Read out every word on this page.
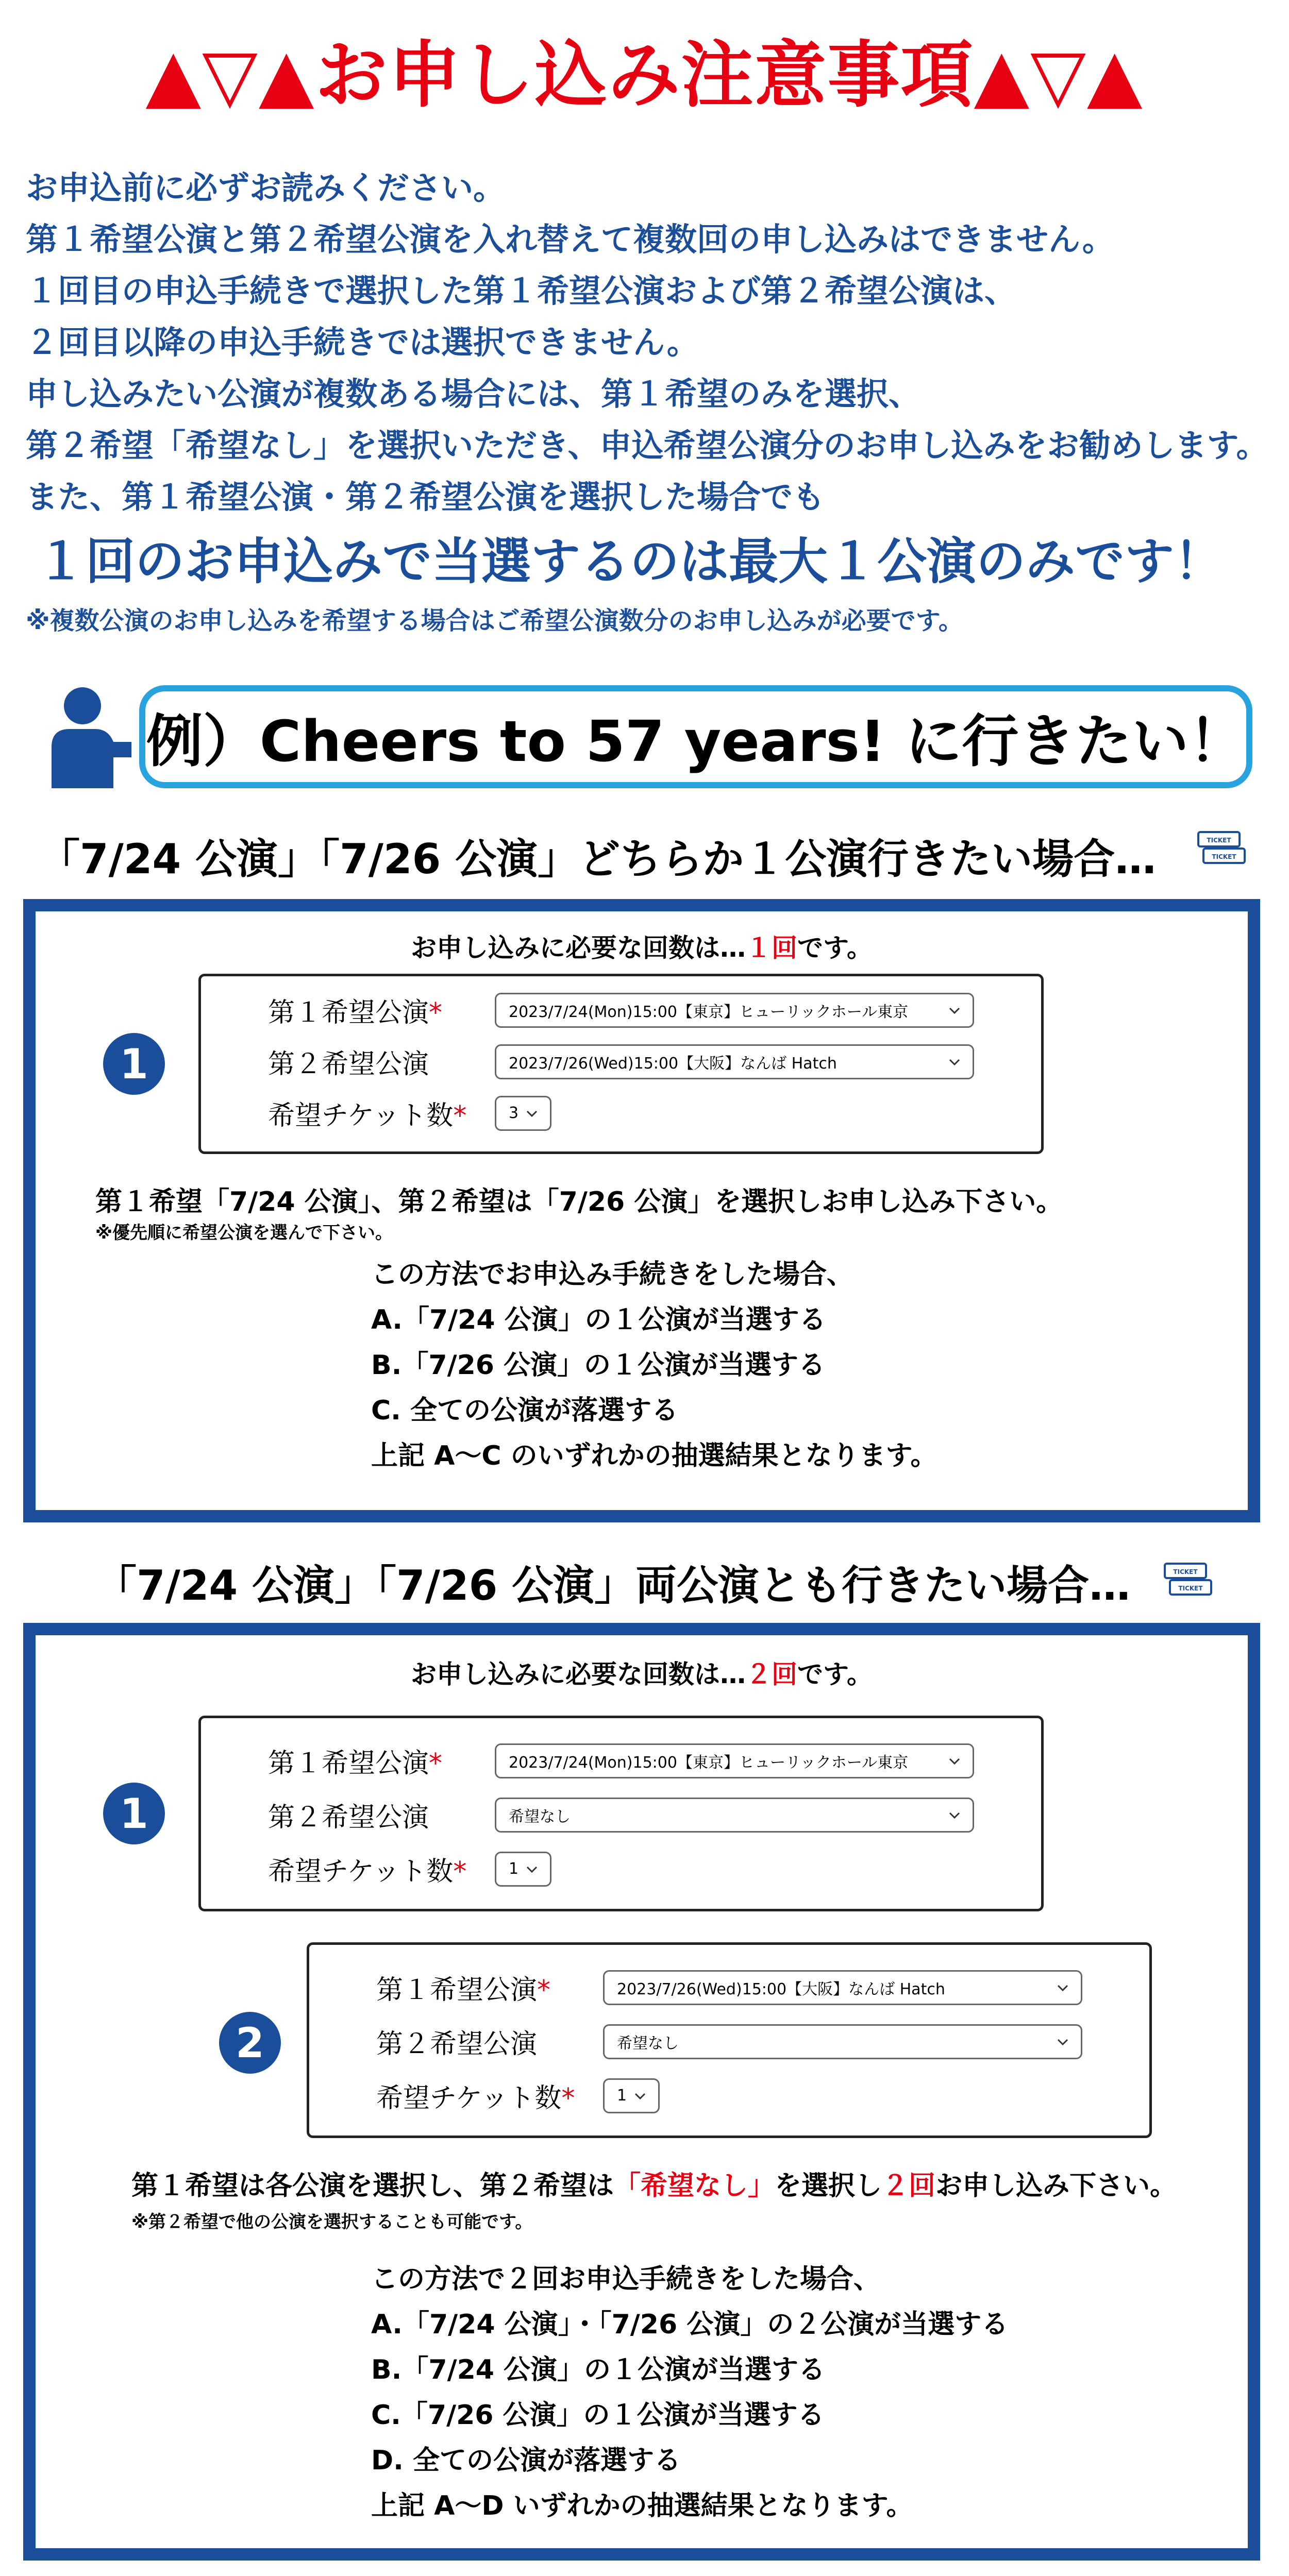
▲▽▲お申し込み注意事項▲▽▲
お申込前に必ずお読みください。
第１希望公演と第２希望公演を入れ替えて複数回の申し込みはできません。
１回目の申込手続きで選択した第１希望公演および第２希望公演は、
２回目以降の申込手続きでは選択できません。
申し込みたい公演が複数ある場合には、第１希望のみを選択、
第２希望「希望なし」を選択いただき、申込希望公演分のお申し込みをお勧めします。
また、第１希望公演・第２希望公演を選択した場合でも
１回のお申込みで当選するのは最大１公演のみです！
※複数公演のお申し込みを希望する場合はご希望公演数分のお申し込みが必要です。
例）Cheers to 57 years! に行きたい！
「7/24 公演」「7/26 公演」どちらか１公演行きたい場合…	TICKET
TICKET
お申し込みに必要な回数は…１回です。
1
第１希望公演*	2023/7/24(Mon)15:00【東京】ヒューリックホール東京
第２希望公演	2023/7/26(Wed)15:00【大阪】なんば Hatch
希望チケット数*	3
第１希望「7/24 公演」、第２希望は「7/26 公演」を選択しお申し込み下さい。
※優先順に希望公演を選んで下さい。
この方法でお申込み手続きをした場合、
A.「7/24 公演」の１公演が当選する
B.「7/26 公演」の１公演が当選する
C. 全ての公演が落選する
上記 A〜C のいずれかの抽選結果となります。
「7/24 公演」「7/26 公演」両公演とも行きたい場合…	TICKET
TICKET
お申し込みに必要な回数は…２回です。
1
第１希望公演*	2023/7/24(Mon)15:00【東京】ヒューリックホール東京
第２希望公演	希望なし
希望チケット数*	1
2
第１希望公演*	2023/7/26(Wed)15:00【大阪】なんば Hatch
第２希望公演	希望なし
希望チケット数*	1
第１希望は各公演を選択し、第２希望は「希望なし」を選択し２回お申し込み下さい。
※第２希望で他の公演を選択することも可能です。
この方法で２回お申込手続きをした場合、
A.「7/24 公演」・「7/26 公演」の２公演が当選する
B.「7/24 公演」の１公演が当選する
C.「7/26 公演」の１公演が当選する
D. 全ての公演が落選する
上記 A〜D いずれかの抽選結果となります。
